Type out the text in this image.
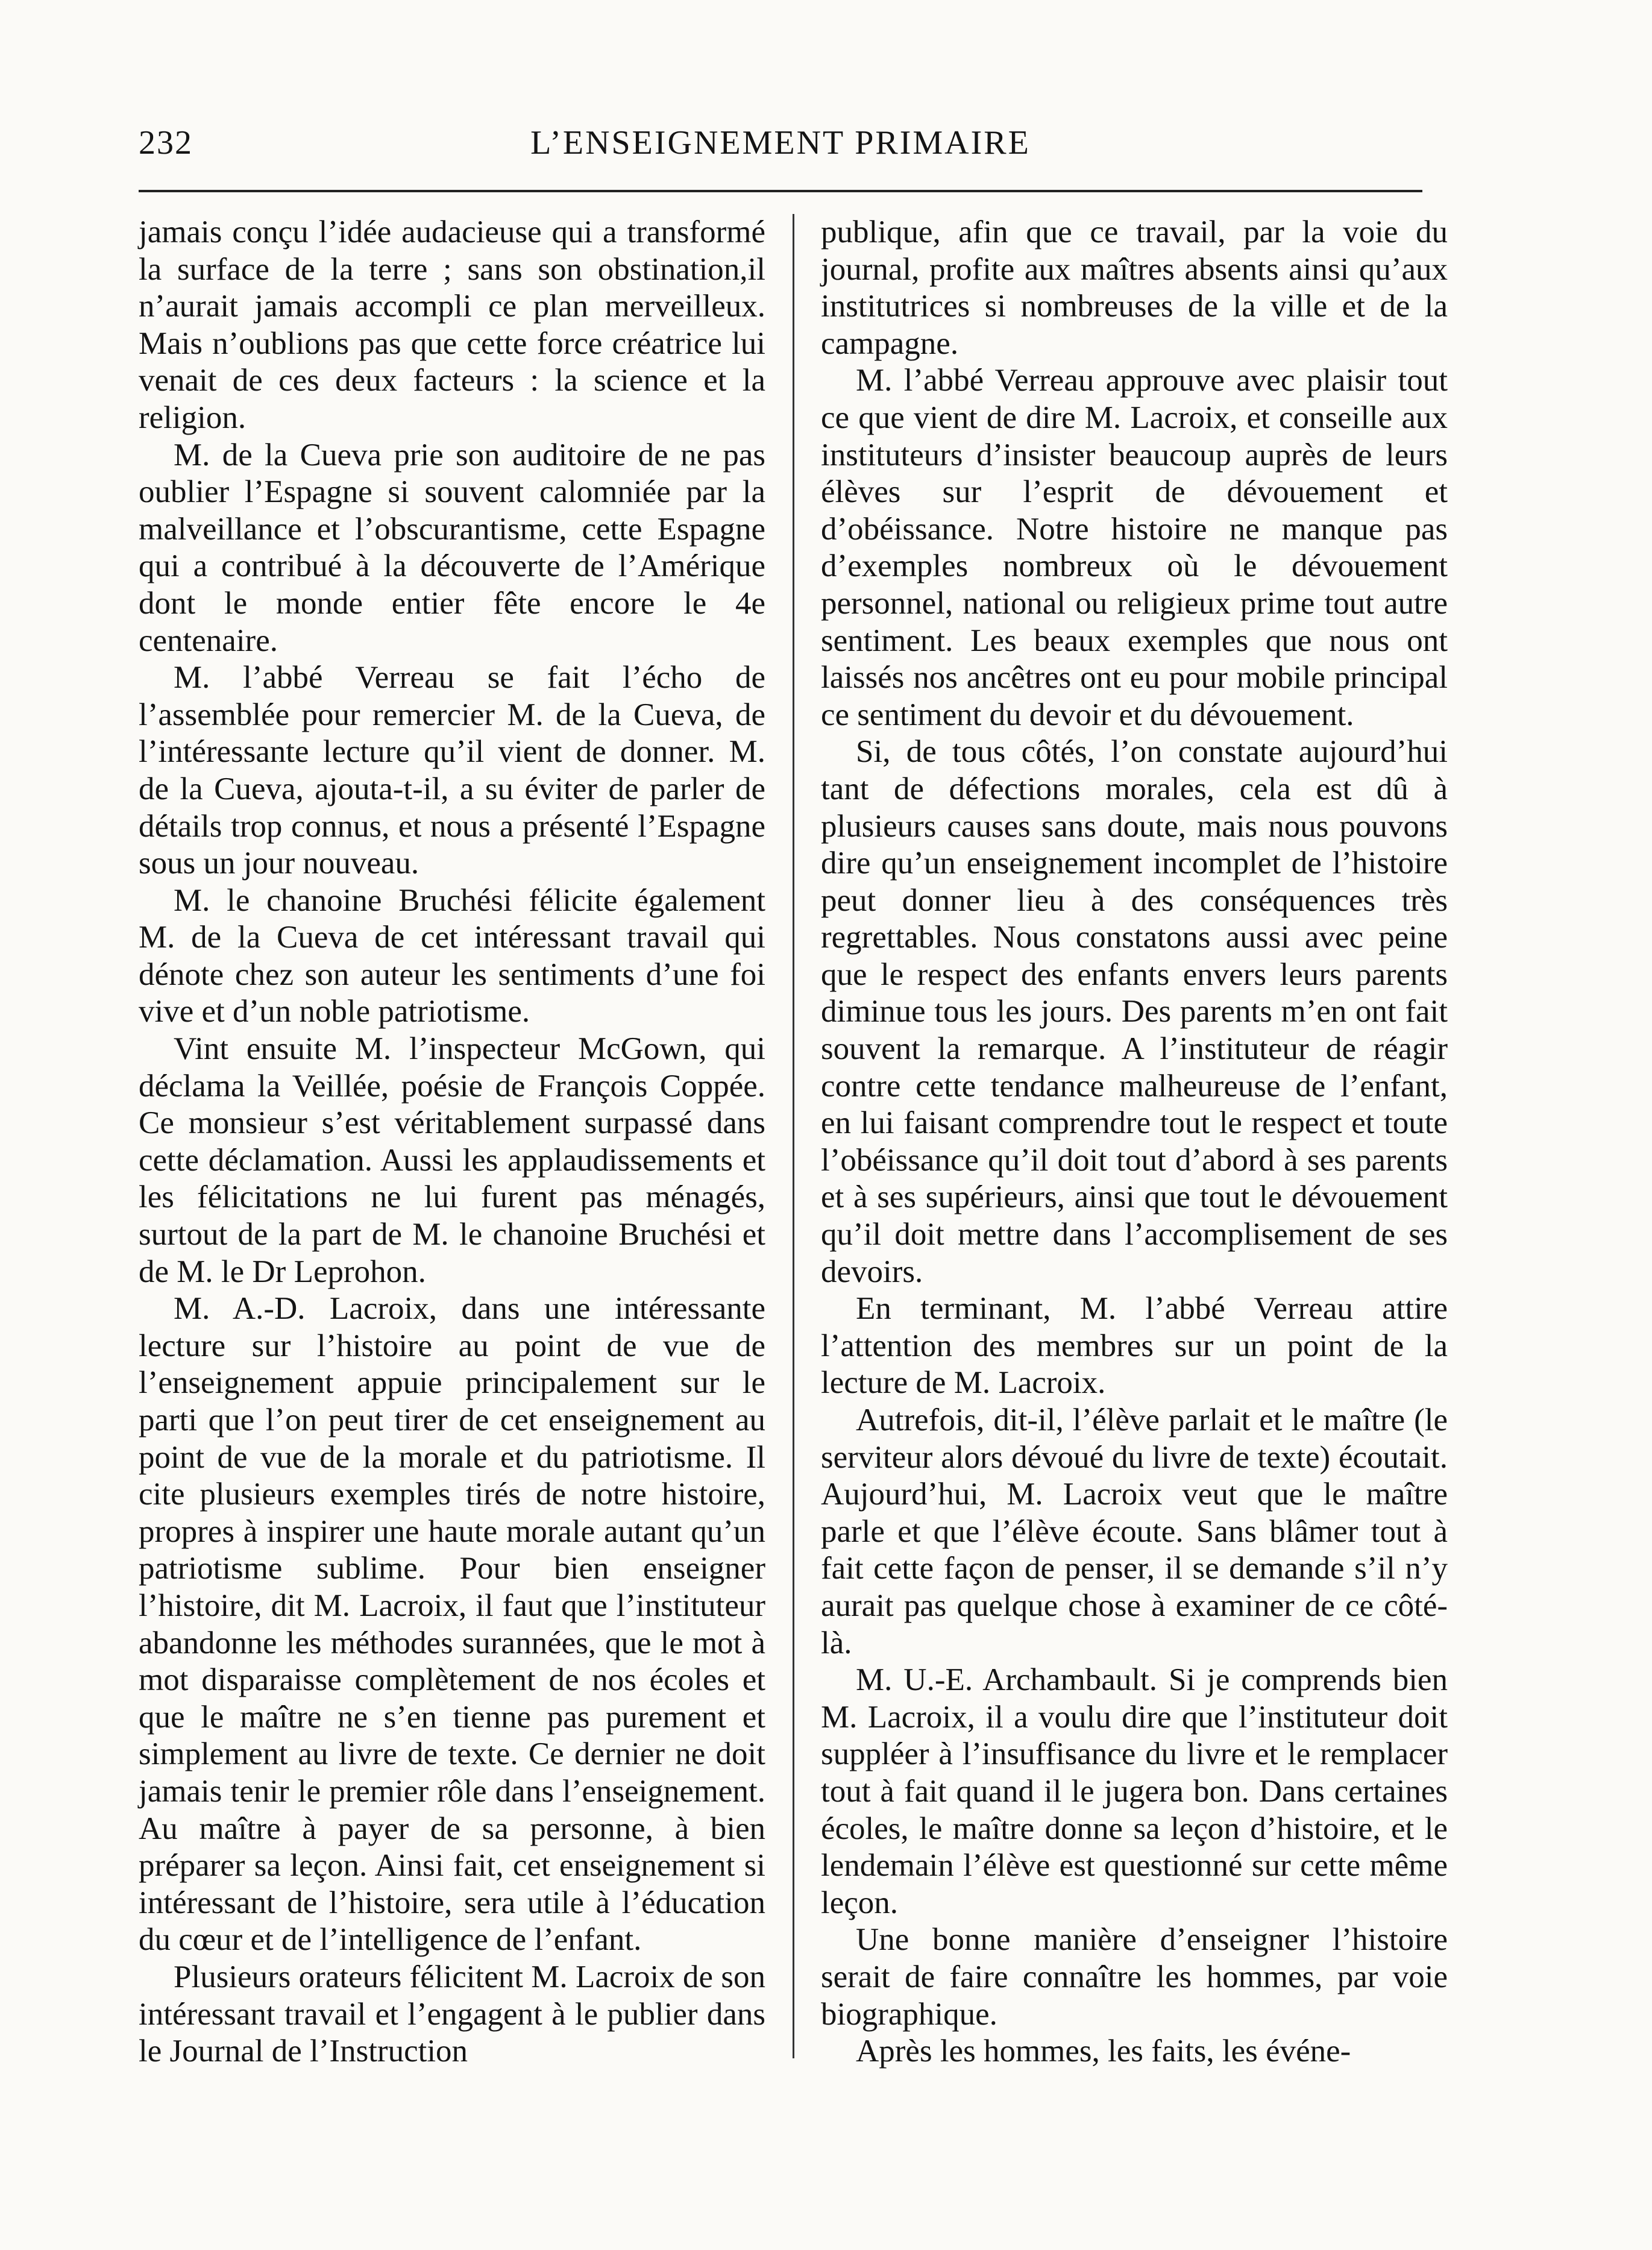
232	L’ENSEIGNEMENT PRIMAIRE

jamais conçu l’idée audacieuse qui a transformé la surface de la terre ; sans son obstination,il n’aurait jamais accompli ce plan merveilleux. Mais n’oublions pas que cette force créatrice lui venait de ces deux facteurs : la science et la religion.

M. de la Cueva prie son auditoire de ne pas oublier l’Espagne si souvent calomniée par la malveillance et l’obscurantisme, cette Espagne qui a contribué à la découverte de l’Amérique dont le monde entier fête encore le 4e centenaire.

M. l’abbé Verreau se fait l’écho de l’assemblée pour remercier M. de la Cueva, de l’intéressante lecture qu’il vient de donner. M. de la Cueva, ajouta-t-il, a su éviter de parler de détails trop connus, et nous a présenté l’Espagne sous un jour nouveau.

M. le chanoine Bruchési félicite également M. de la Cueva de cet intéressant travail qui dénote chez son auteur les sentiments d’une foi vive et d’un noble patriotisme.

Vint ensuite M. l’inspecteur McGown, qui déclama la Veillée, poésie de François Coppée. Ce monsieur s’est véritablement surpassé dans cette déclamation. Aussi les applaudissements et les félicitations ne lui furent pas ménagés, surtout de la part de M. le chanoine Bruchési et de M. le Dr Leprohon.

M. A.-D. Lacroix, dans une intéressante lecture sur l’histoire au point de vue de l’enseignement appuie principalement sur le parti que l’on peut tirer de cet enseignement au point de vue de la morale et du patriotisme. Il cite plusieurs exemples tirés de notre histoire, propres à inspirer une haute morale autant qu’un patriotisme sublime. Pour bien enseigner l’histoire, dit M. Lacroix, il faut que l’instituteur abandonne les méthodes surannées, que le mot à mot disparaisse complètement de nos écoles et que le maître ne s’en tienne pas purement et simplement au livre de texte. Ce dernier ne doit jamais tenir le premier rôle dans l’enseignement. Au maître à payer de sa personne, à bien préparer sa leçon. Ainsi fait, cet enseignement si intéressant de l’histoire, sera utile à l’éducation du cœur et de l’intelligence de l’enfant.

Plusieurs orateurs félicitent M. Lacroix de son intéressant travail et l’engagent à le publier dans le Journal de l’Instruction

publique, afin que ce travail, par la voie du journal, profite aux maîtres absents ainsi qu’aux institutrices si nombreuses de la ville et de la campagne.

M. l’abbé Verreau approuve avec plaisir tout ce que vient de dire M. Lacroix, et conseille aux instituteurs d’insister beaucoup auprès de leurs élèves sur l’esprit de dévouement et d’obéissance. Notre histoire ne manque pas d’exemples nombreux où le dévouement personnel, national ou religieux prime tout autre sentiment. Les beaux exemples que nous ont laissés nos ancêtres ont eu pour mobile principal ce sentiment du devoir et du dévouement.

Si, de tous côtés, l’on constate aujourd’hui tant de défections morales, cela est dû à plusieurs causes sans doute, mais nous pouvons dire qu’un enseignement incomplet de l’histoire peut donner lieu à des conséquences très regrettables. Nous constatons aussi avec peine que le respect des enfants envers leurs parents diminue tous les jours. Des parents m’en ont fait souvent la remarque. A l’instituteur de réagir contre cette tendance malheureuse de l’enfant, en lui faisant comprendre tout le respect et toute l’obéissance qu’il doit tout d’abord à ses parents et à ses supérieurs, ainsi que tout le dévouement qu’il doit mettre dans l’accomplisement de ses devoirs.

En terminant, M. l’abbé Verreau attire l’attention des membres sur un point de la lecture de M. Lacroix.

Autrefois, dit-il, l’élève parlait et le maître (le serviteur alors dévoué du livre de texte) écoutait. Aujourd’hui, M. Lacroix veut que le maître parle et que l’élève écoute. Sans blâmer tout à fait cette façon de penser, il se demande s’il n’y aurait pas quelque chose à examiner de ce côté-là.

M. U.-E. Archambault. Si je comprends bien M. Lacroix, il a voulu dire que l’instituteur doit suppléer à l’insuffisance du livre et le remplacer tout à fait quand il le jugera bon. Dans certaines écoles, le maître donne sa leçon d’histoire, et le lendemain l’élève est questionné sur cette même leçon.

Une bonne manière d’enseigner l’histoire serait de faire connaître les hommes, par voie biographique.

Après les hommes, les faits, les événe-
